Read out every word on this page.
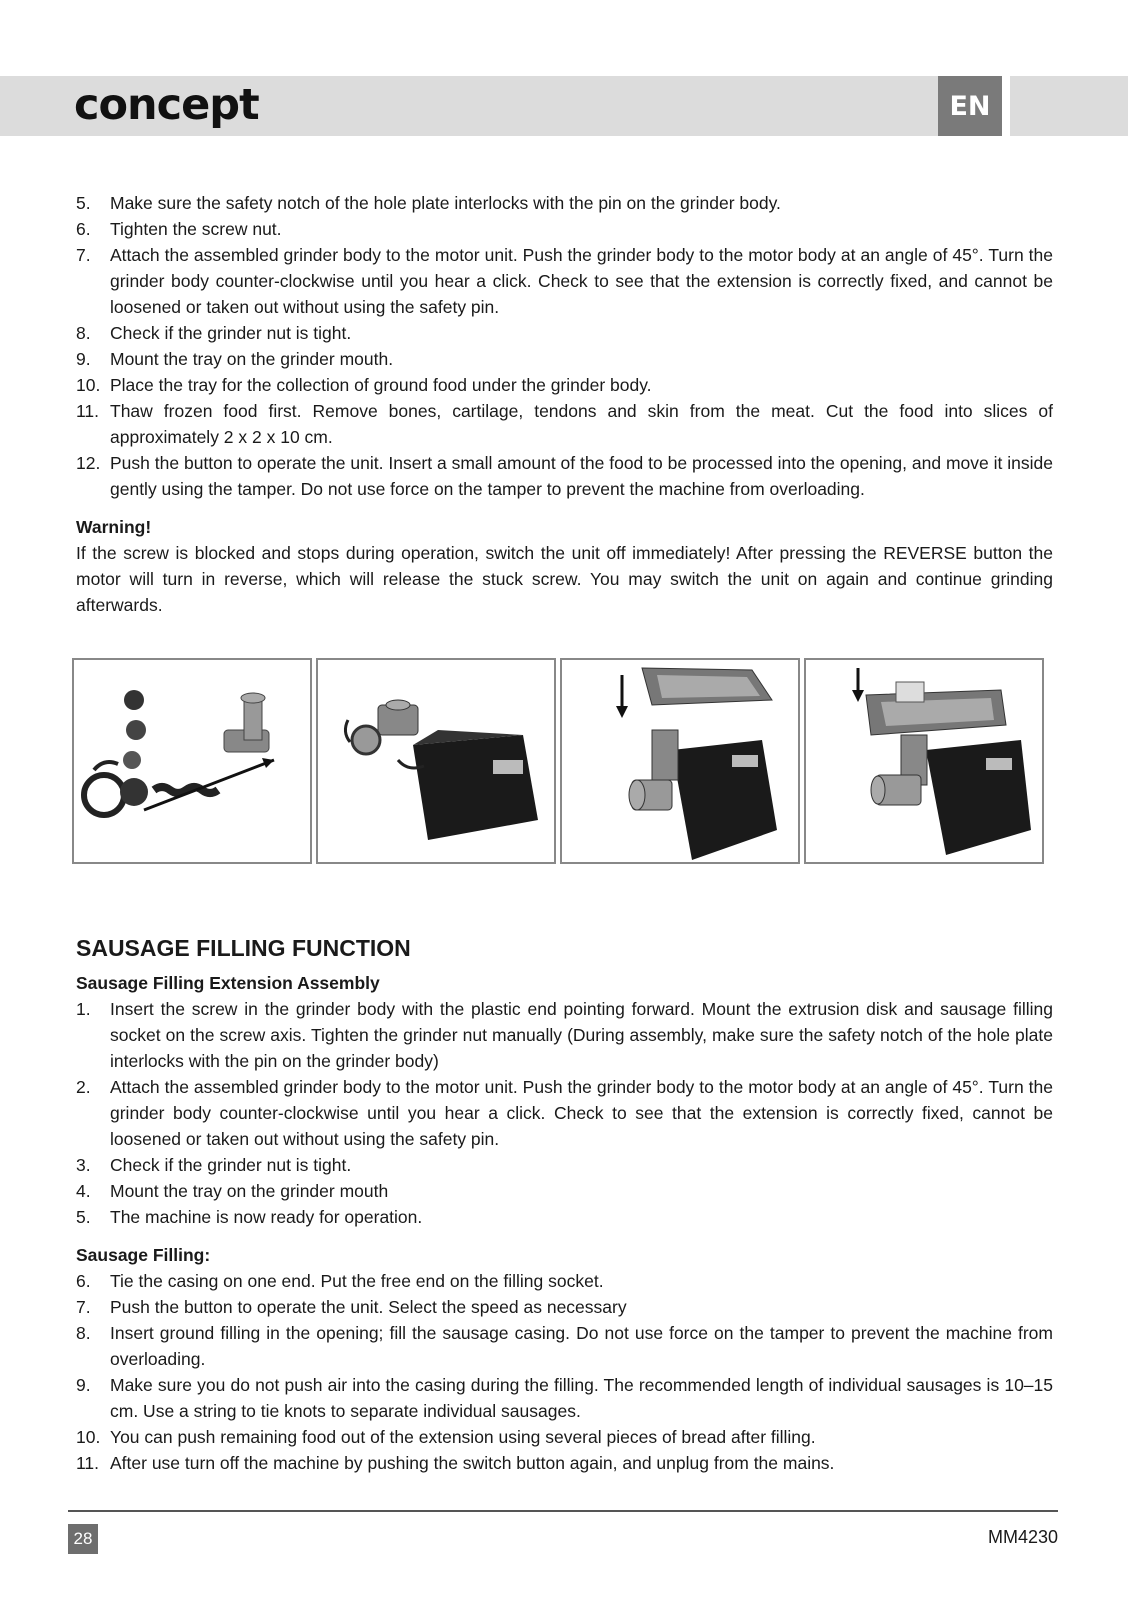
concept	EN
5. Make sure the safety notch of the hole plate interlocks with the pin on the grinder body.
6. Tighten the screw nut.
7. Attach the assembled grinder body to the motor unit. Push the grinder body to the motor body at an angle of 45°. Turn the grinder body counter-clockwise until you hear a click. Check to see that the extension is correctly fixed, and cannot be loosened or taken out without using the safety pin.
8. Check if the grinder nut is tight.
9. Mount the tray on the grinder mouth.
10. Place the tray for the collection of ground food under the grinder body.
11. Thaw frozen food first. Remove bones, cartilage, tendons and skin from the meat. Cut the food into slices of approximately 2 x 2 x 10 cm.
12. Push the button to operate the unit. Insert a small amount of the food to be processed into the opening, and move it inside gently using the tamper. Do not use force on the tamper to prevent the machine from overloading.
Warning!

If the screw is blocked and stops during operation, switch the unit off immediately! After pressing the REVERSE button the motor will turn in reverse, which will release the stuck screw. You may switch the unit on again and continue grinding afterwards.

SAUSAGE FILLING FUNCTION
Sausage Filling Extension Assembly
1. Insert the screw in the grinder body with the plastic end pointing forward. Mount the extrusion disk and sausage filling socket on the screw axis. Tighten the grinder nut manually (During assembly, make sure the safety notch of the hole plate interlocks with the pin on the grinder body)
2. Attach the assembled grinder body to the motor unit. Push the grinder body to the motor body at an angle of 45°. Turn the grinder body counter-clockwise until you hear a click. Check to see that the extension is correctly fixed, cannot be loosened or taken out without using the safety pin.
3. Check if the grinder nut is tight.
4. Mount the tray on the grinder mouth
5. The machine is now ready for operation.
Sausage Filling:
6. Tie the casing on one end. Put the free end on the filling socket.
7. Push the button to operate the unit. Select the speed as necessary
8. Insert ground filling in the opening; fill the sausage casing. Do not use force on the tamper to prevent the machine from overloading.
9. Make sure you do not push air into the casing during the filling. The recommended length of individual sausages is 10–15 cm. Use a string to tie knots to separate individual sausages.
10. You can push remaining food out of the extension using several pieces of bread after filling.
11. After use turn off the machine by pushing the switch button again, and unplug from the mains.
28	MM4230
